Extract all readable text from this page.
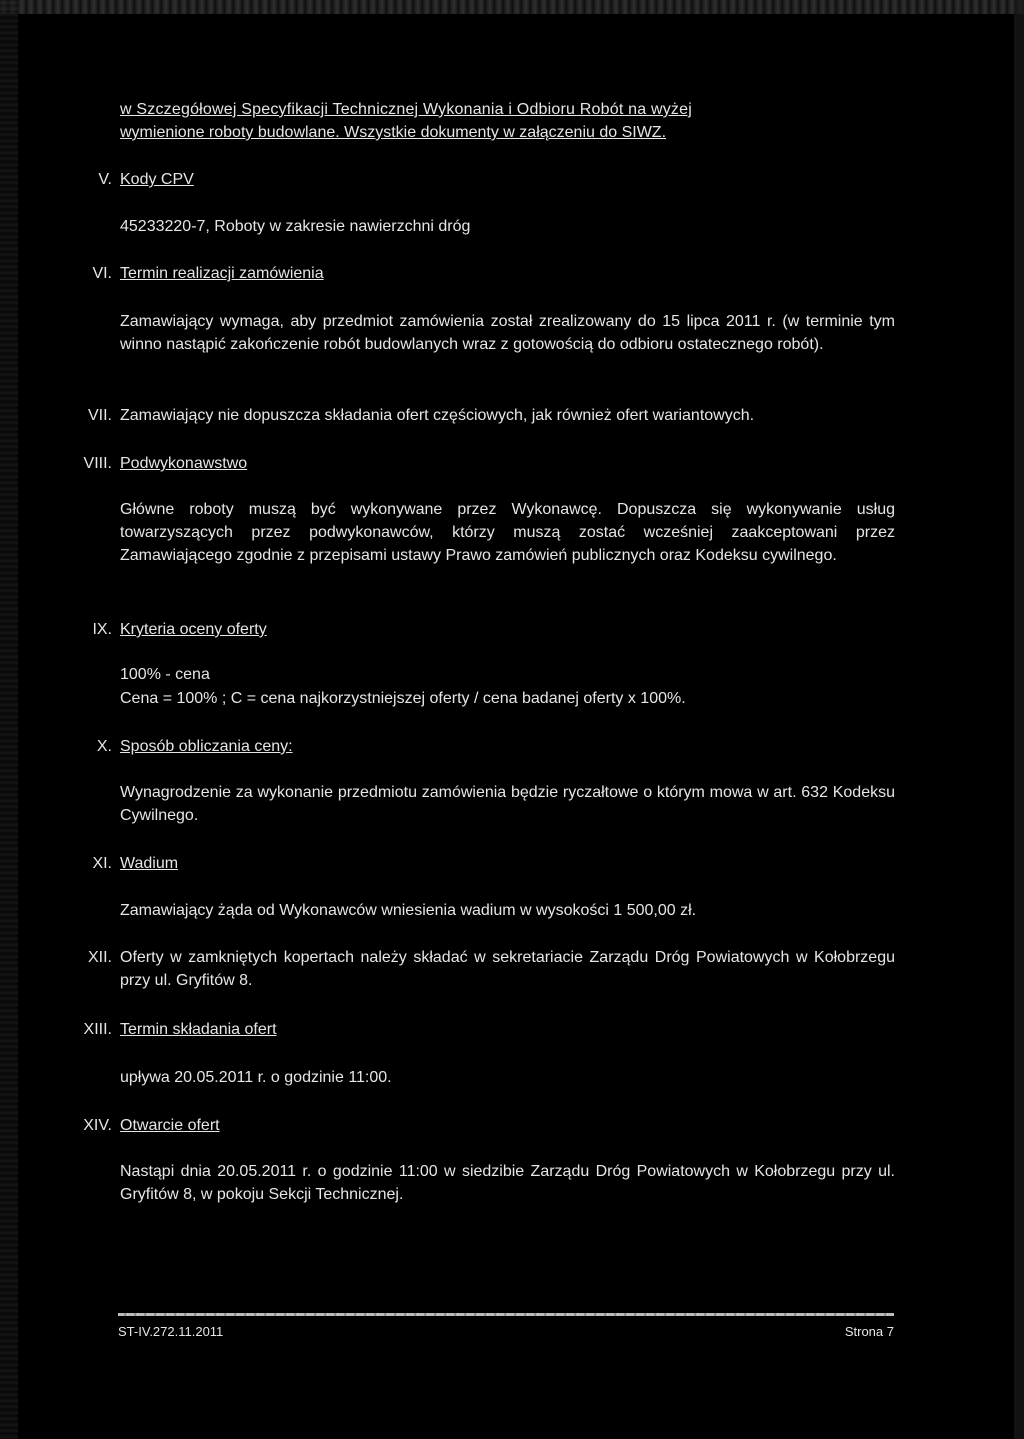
w Szczegółowej Specyfikacji Technicznej Wykonania i Odbioru Robót na wyżej

wymienione roboty budowlane. Wszystkie dokumenty w załączeniu do SIWZ.

V. Kody CPV

45233220-7, Roboty w zakresie nawierzchni dróg

VI. Termin realizacji zamówienia

Zamawiający wymaga, aby przedmiot zamówienia został zrealizowany do 15 lipca 2011 r. (w terminie tym winno nastąpić zakończenie robót budowlanych wraz z gotowością do odbioru ostatecznego robót).

VII. Zamawiający nie dopuszcza składania ofert częściowych, jak również ofert wariantowych.

VIII. Podwykonawstwo

Główne roboty muszą być wykonywane przez Wykonawcę. Dopuszcza się wykonywanie usług towarzyszących przez podwykonawców, którzy muszą zostać wcześniej zaakceptowani przez Zamawiającego zgodnie z przepisami ustawy Prawo zamówień publicznych oraz Kodeksu cywilnego.

IX. Kryteria oceny oferty

100% - cena

Cena = 100% ; C = cena najkorzystniejszej oferty / cena badanej oferty x 100%.

X. Sposób obliczania ceny:

Wynagrodzenie za wykonanie przedmiotu zamówienia będzie ryczałtowe o którym mowa w art. 632 Kodeksu Cywilnego.

XI. Wadium

Zamawiający żąda od Wykonawców wniesienia wadium w wysokości 1 500,00 zł.

XII. Oferty w zamkniętych kopertach należy składać w sekretariacie Zarządu Dróg Powiatowych w Kołobrzegu przy ul. Gryfitów 8.

XIII. Termin składania ofert

upływa 20.05.2011 r. o godzinie 11:00.

XIV. Otwarcie ofert

Nastąpi dnia 20.05.2011 r. o godzinie 11:00 w siedzibie Zarządu Dróg Powiatowych w Kołobrzegu przy ul. Gryfitów 8, w pokoju Sekcji Technicznej.

ST-IV.272.11.2011	Strona 7
